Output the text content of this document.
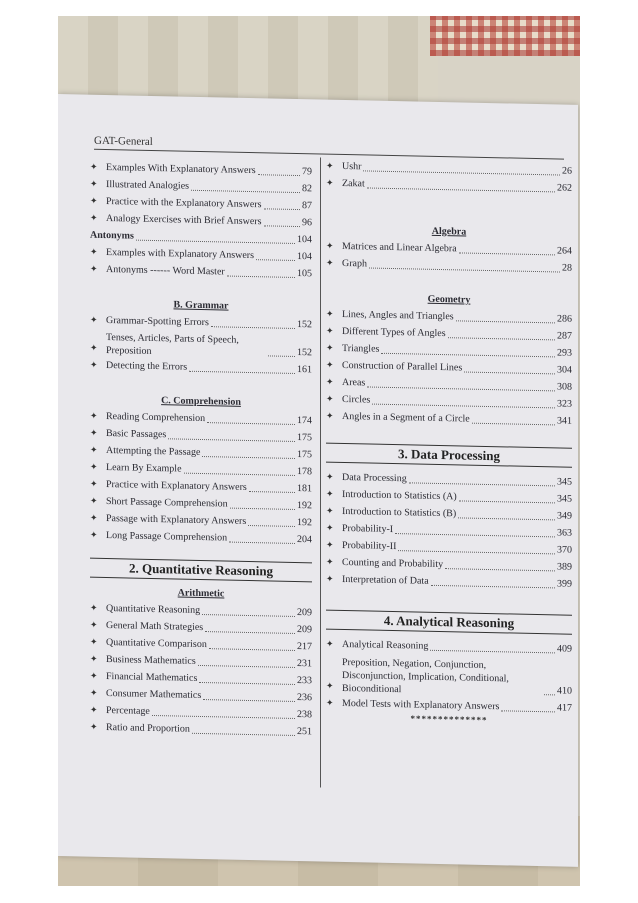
GAT-General
✦ Examples With Explanatory Answers	79
✦ Illustrated Analogies	82
✦ Practice with the Explanatory Answers	87
✦ Analogy Exercises with Brief Answers	96
Antonyms	104
✦ Examples with Explanatory Answers	104
✦ Antonyms ------ Word Master	105
B. Grammar
✦ Grammar-Spotting Errors	152
✦
Tenses, Articles, Parts of Speech, Preposition	152
✦ Detecting the Errors	161
C. Comprehension
✦ Reading Comprehension	174
✦ Basic Passages	175
✦ Attempting the Passage	175
✦ Learn By Example	178
✦ Practice with Explanatory Answers	181
✦ Short Passage Comprehension	192
✦ Passage with Explanatory Answers	192
✦ Long Passage Comprehension	204
2. Quantitative Reasoning
Arithmetic
✦ Quantitative Reasoning	209
✦ General Math Strategies	209
✦ Quantitative Comparison	217
✦ Business Mathematics	231
✦ Financial Mathematics	233
✦ Consumer Mathematics	236
✦ Percentage	238
✦ Ratio and Proportion	251
✦ Ushr	26
✦ Zakat	262
Algebra
✦ Matrices and Linear Algebra	264
✦ Graph	28
Geometry
✦ Lines, Angles and Triangles	286
✦ Different Types of Angles	287
✦ Triangles	293
✦ Construction of Parallel Lines	304
✦ Areas	308
✦ Circles	323
✦ Angles in a Segment of a Circle	341
3. Data Processing
✦ Data Processing	345
✦ Introduction to Statistics (A)	345
✦ Introduction to Statistics (B)	349
✦ Probability-I	363
✦ Probability-II	370
✦ Counting and Probability	389
✦ Interpretation of Data	399
4. Analytical Reasoning
✦ Analytical Reasoning	409
✦
Preposition, Negation, Conjunction, Disconjunction, Implication, Conditional, Bioconditional	410
✦ Model Tests with Explanatory Answers	417
**************
